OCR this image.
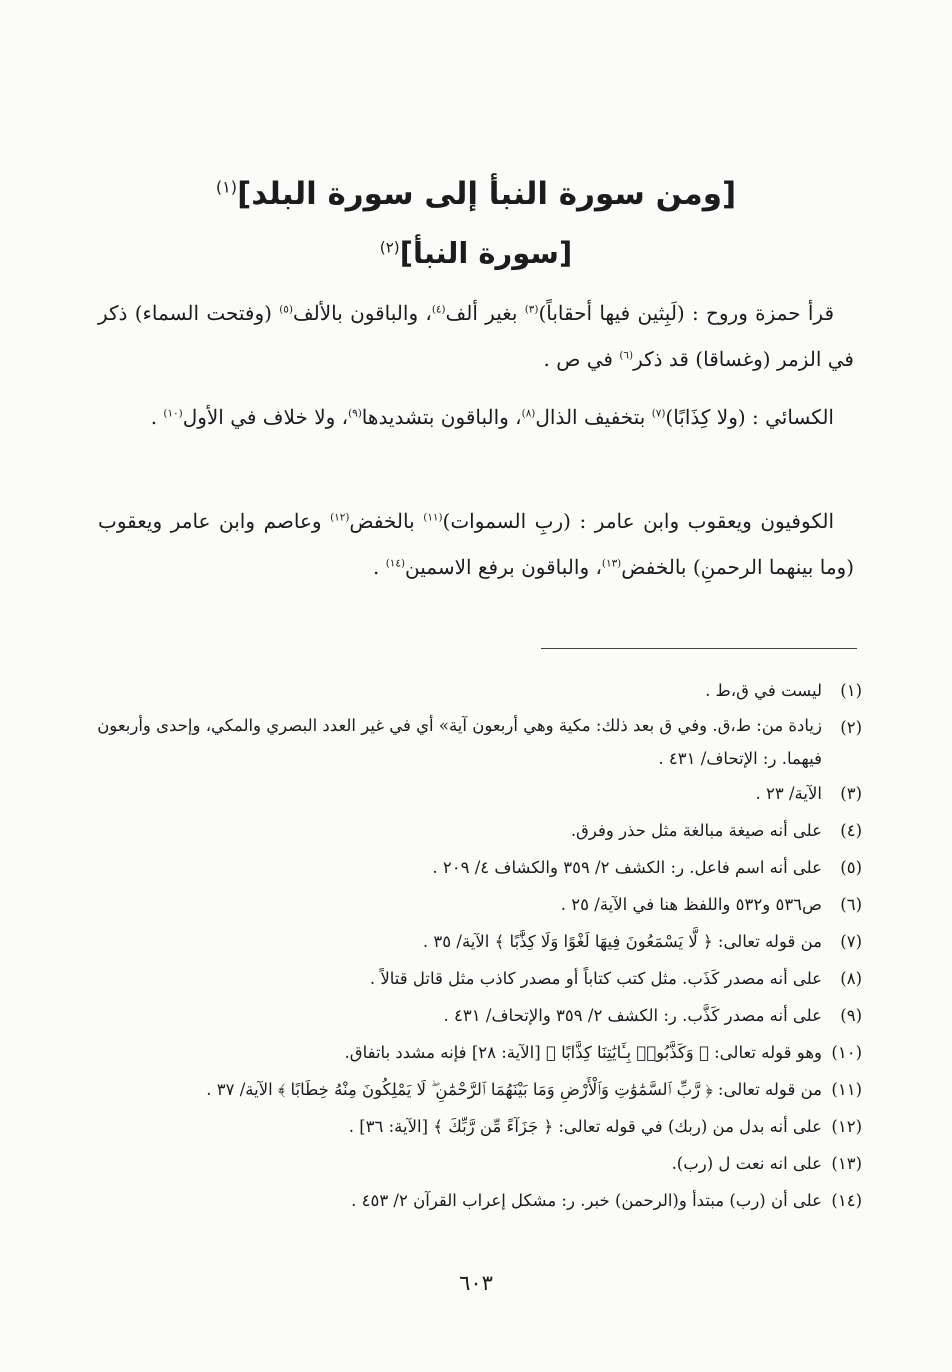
[ومن سورة النبأ إلى سورة البلد]$^{(١)}$
[سورة النبأ]$^{(٢)}$

قرأ حمزة وروح : (لَبِثين فيها أحقاباً)$^{(٣)}$ بغير ألف$^{(٤)}$، والباقون بالألف$^{(٥)}$ (وفتحت السماء) ذكر في الزمر (وغساقا) قد ذكر$^{(٦)}$ في ص .

الكسائي : (ولا كِذَابًا)$^{(٧)}$ بتخفيف الذال$^{(٨)}$، والباقون بتشديدها$^{(٩)}$، ولا خلاف في الأول$^{(١٠)}$ .

الكوفيون ويعقوب وابن عامر : (ربِ السموات)$^{(١١)}$ بالخفض$^{(١٢)}$ وعاصم وابن عامر ويعقوب (وما بينهما الرحمنِ) بالخفض$^{(١٣)}$، والباقون برفع الاسمين$^{(١٤)}$ .

(١)
ليست في ق،ط .
(٢)
زيادة من: ط،ق. وفي ق بعد ذلك: مكية وهي أربعون آية» أي في غير العدد البصري والمكي، وإحدى وأربعون فيهما. ر: الإتحاف/ ٤٣١ .
(٣)
الآية/ ٢٣ .
(٤)
على أنه صيغة مبالغة مثل حذر وفرق.
(٥)
على أنه اسم فاعل. ر: الكشف ٢/ ٣٥٩ والكشاف ٤/ ٢٠٩ .
(٦)
ص٥٣٦ و٥٣٢ واللفظ هنا في الآية/ ٢٥ .
(٧)
من قوله تعالى: ﴿ لَّا يَسْمَعُونَ فِيهَا لَغْوًا وَلَا كِذَّٰبًا ﴾ الآية/ ٣٥ .
(٨)
على أنه مصدر كَذَب. مثل كتب كتاباً أو مصدر كاذب مثل قاتل قتالاً .
(٩)
على أنه مصدر كَذَّب. ر: الكشف ٢/ ٣٥٩ والإتحاف/ ٤٣١ .
(١٠)
وهو قوله تعالى: ﴿ وَكَذَّبُوا۟ بِـَٔايَٰتِنَا كِذَّابًا ﴾ [الآية: ٢٨] فإنه مشدد باتفاق.
(١١)
من قوله تعالى: ﴿ رَّبِّ ٱلسَّمَٰوَٰتِ وَٱلْأَرْضِ وَمَا بَيْنَهُمَا ٱلرَّحْمَٰنِ ۖ لَا يَمْلِكُونَ مِنْهُ خِطَابًا ﴾ الآية/ ٣٧ .
(١٢)
على أنه بدل من (ربك) في قوله تعالى: ﴿ جَزَآءً مِّن رَّبِّكَ ﴾ [الآية: ٣٦] .
(١٣)
على انه نعت ل (رب).
(١٤)
على أن (رب) مبتدأ و(الرحمن) خبر. ر: مشكل إعراب القرآن ٢/ ٤٥٣ .
٦٠٣
